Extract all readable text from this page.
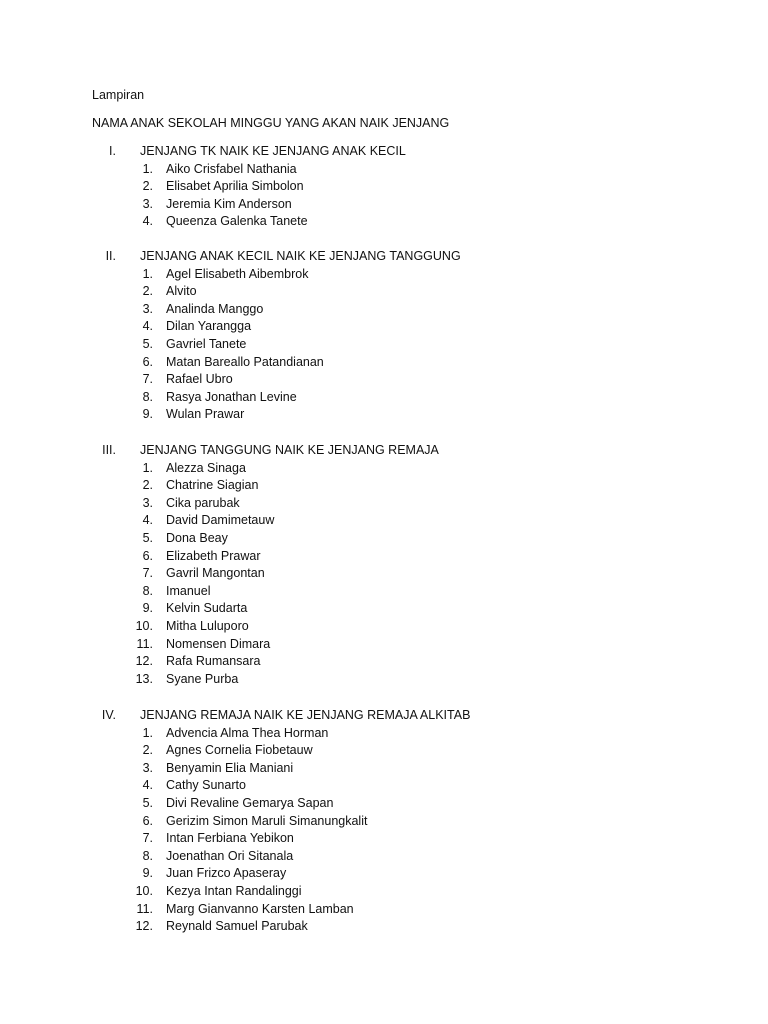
Lampiran
NAMA ANAK SEKOLAH MINGGU YANG AKAN NAIK JENJANG
I. JENJANG TK NAIK KE JENJANG ANAK KECIL
1. Aiko Crisfabel Nathania
2. Elisabet Aprilia Simbolon
3. Jeremia Kim Anderson
4. Queenza Galenka Tanete
II. JENJANG ANAK KECIL NAIK KE JENJANG TANGGUNG
1. Agel Elisabeth Aibembrok
2. Alvito
3. Analinda Manggo
4. Dilan Yarangga
5. Gavriel Tanete
6. Matan Bareallo Patandianan
7. Rafael Ubro
8. Rasya Jonathan Levine
9. Wulan Prawar
III. JENJANG TANGGUNG NAIK KE JENJANG REMAJA
1. Alezza Sinaga
2. Chatrine Siagian
3. Cika parubak
4. David Damimetauw
5. Dona Beay
6. Elizabeth Prawar
7. Gavril Mangontan
8. Imanuel
9. Kelvin Sudarta
10. Mitha Luluporo
11. Nomensen Dimara
12. Rafa Rumansara
13. Syane Purba
IV. JENJANG REMAJA NAIK KE JENJANG REMAJA ALKITAB
1. Advencia Alma Thea Horman
2. Agnes Cornelia Fiobetauw
3. Benyamin Elia Maniani
4. Cathy Sunarto
5. Divi Revaline Gemarya Sapan
6. Gerizim Simon Maruli Simanungkalit
7. Intan Ferbiana Yebikon
8. Joenathan Ori Sitanala
9. Juan Frizco Apaseray
10. Kezya Intan Randalinggi
11. Marg Gianvanno Karsten Lamban
12. Reynald Samuel Parubak
